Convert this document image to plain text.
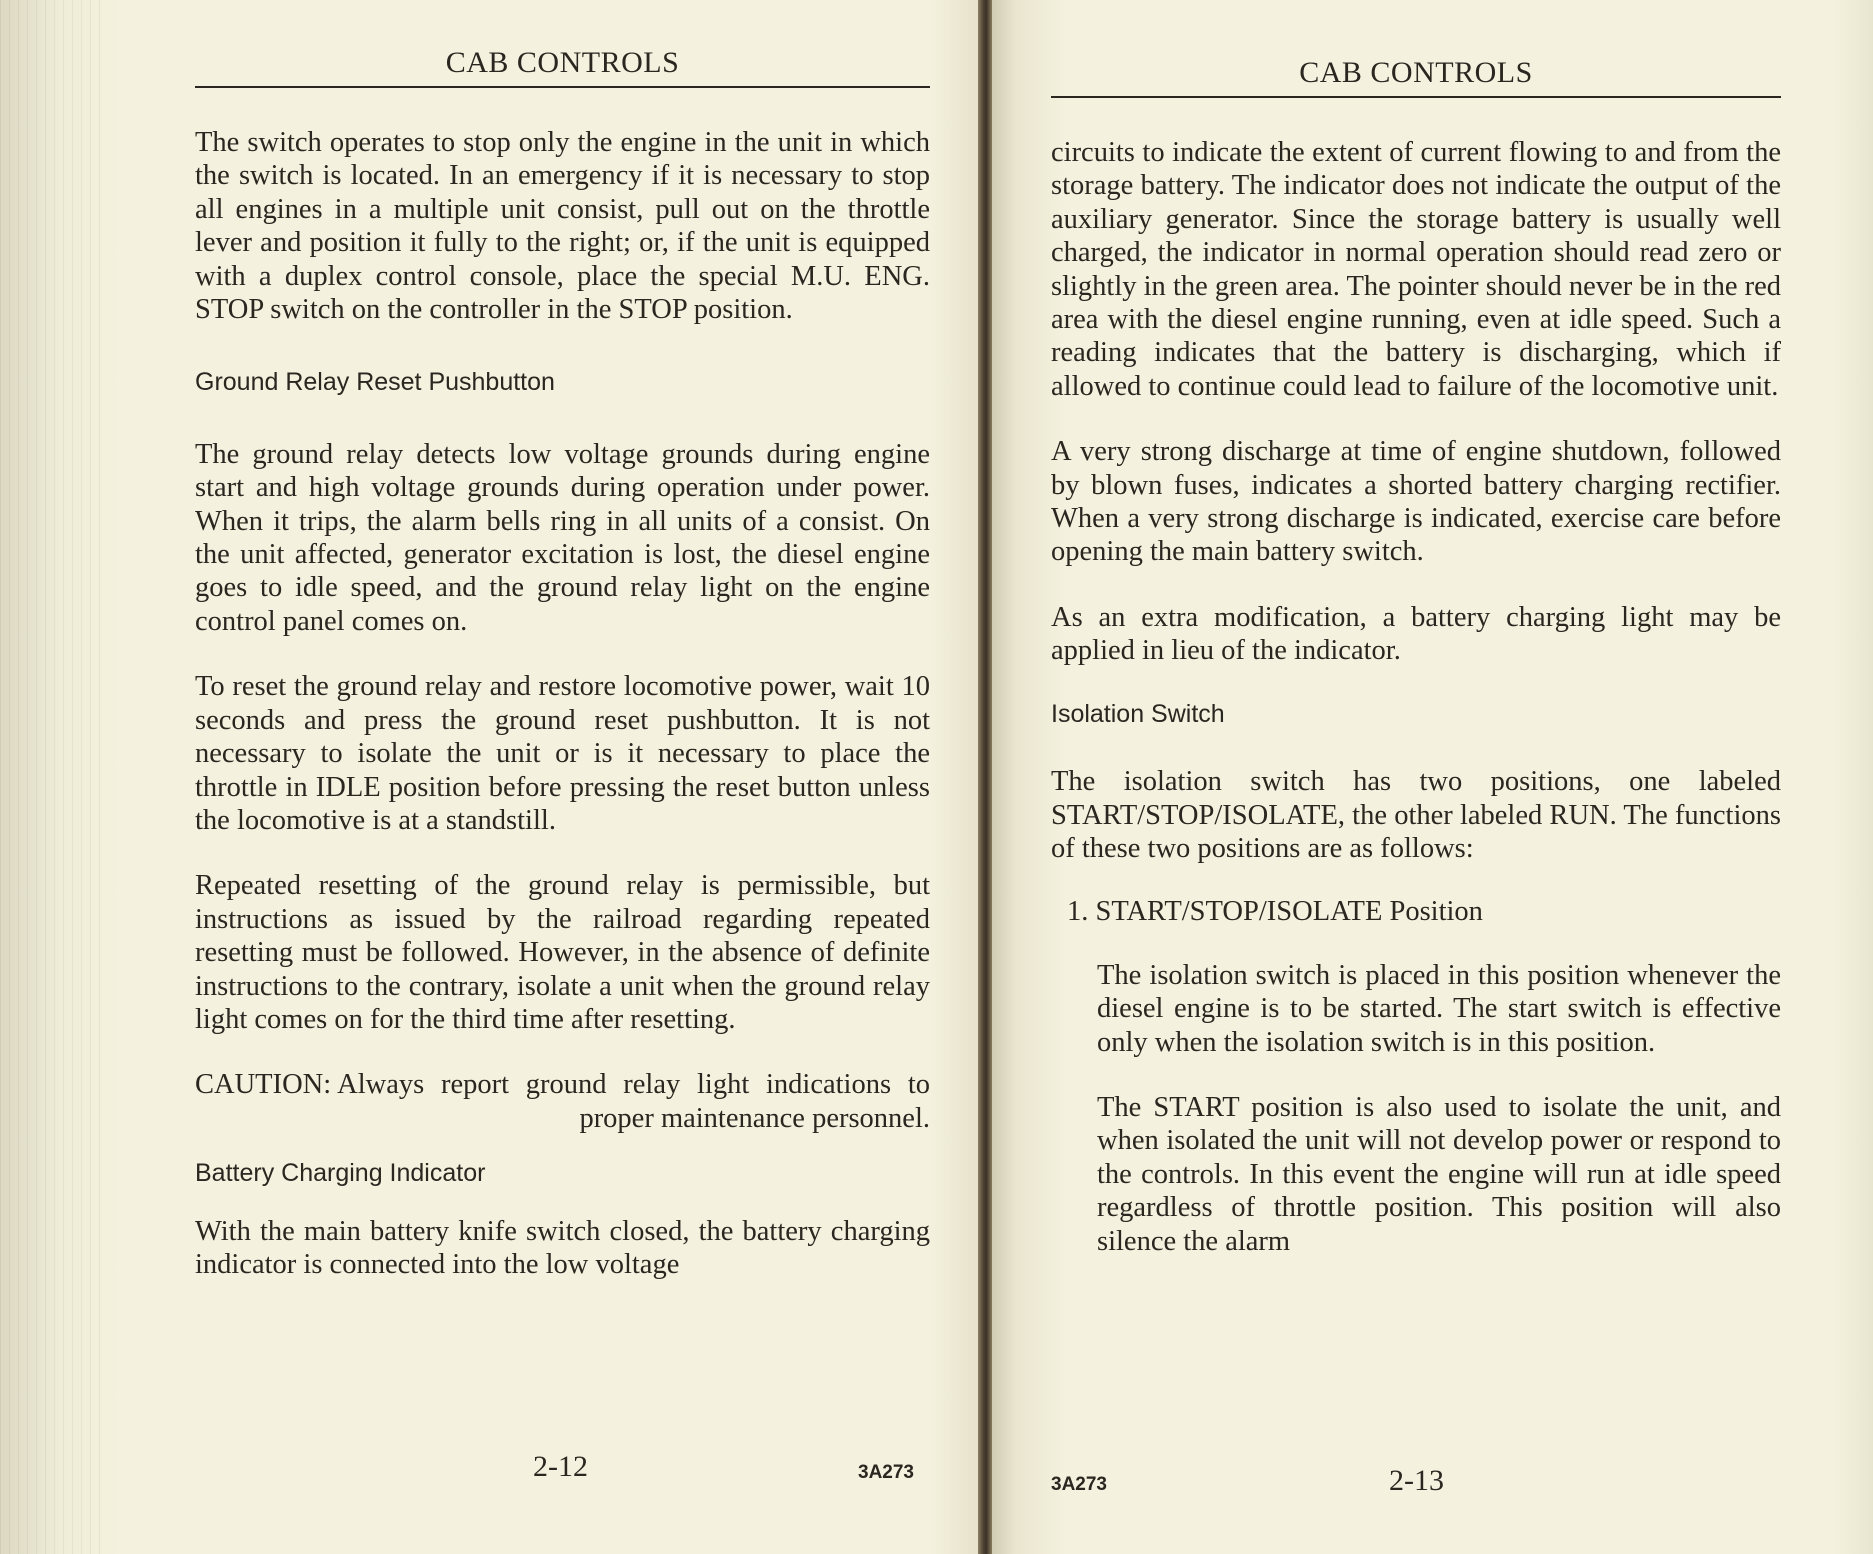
CAB CONTROLS

The switch operates to stop only the engine in the unit in which the switch is located. In an emergency if it is necessary to stop all engines in a multiple unit consist, pull out on the throttle lever and position it fully to the right; or, if the unit is equipped with a duplex control console, place the special M.U. ENG. STOP switch on the controller in the STOP position.

Ground Relay Reset Pushbutton

The ground relay detects low voltage grounds during engine start and high voltage grounds during operation under power. When it trips, the alarm bells ring in all units of a consist. On the unit affected, generator excitation is lost, the diesel engine goes to idle speed, and the ground relay light on the engine control panel comes on.

To reset the ground relay and restore locomotive power, wait 10 seconds and press the ground reset pushbutton. It is not necessary to isolate the unit or is it necessary to place the throttle in IDLE position before pressing the reset button unless the locomotive is at a standstill.

Repeated resetting of the ground relay is permissible, but instructions as issued by the railroad regarding repeated resetting must be followed. However, in the absence of definite instructions to the contrary, isolate a unit when the ground relay light comes on for the third time after resetting.

CAUTION: Always report ground relay light indications to proper maintenance personnel.

Battery Charging Indicator

With the main battery knife switch closed, the battery charging indicator is connected into the low voltage

2-12	3A273
CAB CONTROLS

circuits to indicate the extent of current flowing to and from the storage battery. The indicator does not indicate the output of the auxiliary generator. Since the storage battery is usually well charged, the indicator in normal operation should read zero or slightly in the green area. The pointer should never be in the red area with the diesel engine running, even at idle speed. Such a reading indicates that the battery is discharging, which if allowed to continue could lead to failure of the locomotive unit.

A very strong discharge at time of engine shutdown, followed by blown fuses, indicates a shorted battery charging rectifier. When a very strong discharge is indicated, exercise care before opening the main battery switch.

As an extra modification, a battery charging light may be applied in lieu of the indicator.

Isolation Switch

The isolation switch has two positions, one labeled START/STOP/ISOLATE, the other labeled RUN. The functions of these two positions are as follows:

1. START/STOP/ISOLATE Position

The isolation switch is placed in this position whenever the diesel engine is to be started. The start switch is effective only when the isolation switch is in this position.

The START position is also used to isolate the unit, and when isolated the unit will not develop power or respond to the controls. In this event the engine will run at idle speed regardless of throttle position. This position will also silence the alarm

3A273	2-13
